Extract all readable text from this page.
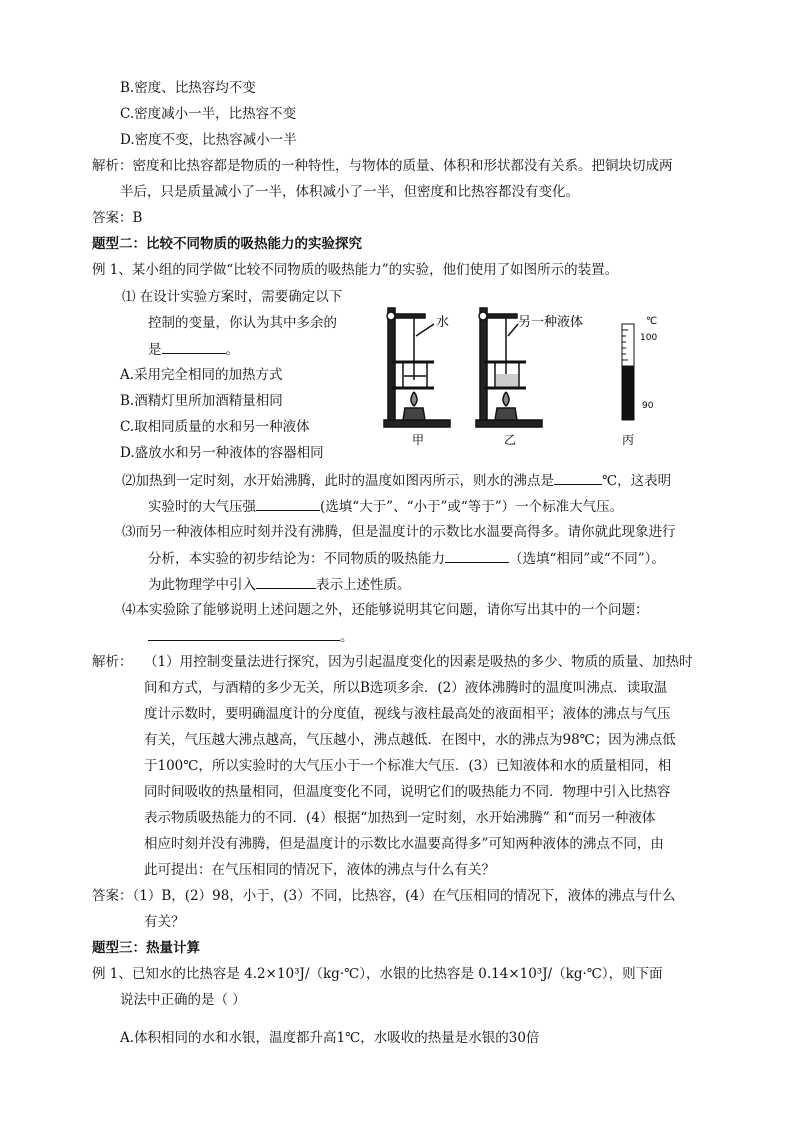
B.密度、比热容均不变
C.密度减小一半，比热容不变
D.密度不变，比热容减小一半
解析：密度和比热容都是物质的一种特性，与物体的质量、体积和形状都没有关系。把铜块切成两
半后，只是质量减小了一半，体积减小了一半，但密度和比热容都没有变化。
答案：B
题型二：比较不同物质的吸热能力的实验探究
例 1、某小组的同学做“比较不同物质的吸热能力”的实验，他们使用了如图所示的装置。
⑴ 在设计实验方案时，需要确定以下
控制的变量，你认为其中多余的
是	。
A.采用完全相同的加热方式
B.酒精灯里所加酒精量相同
C.取相同质量的水和另一种液体
D.盛放水和另一种液体的容器相同
水
甲
另一种液体
乙
℃
100
90
丙
⑵加热到一定时刻，水开始沸腾，此时的温度如图丙所示，则水的沸点是	℃，这表明
实验时的大气压强	(选填“大于”、“小于”或“等于”）一个标准大气压。
⑶而另一种液体相应时刻并没有沸腾，但是温度计的示数比水温要高得多。请你就此现象进行
分析，本实验的初步结论为：不同物质的吸热能力	（选填“相同”或“不同”）。
为此物理学中引入	表示上述性质。
⑷本实验除了能够说明上述问题之外，还能够说明其它问题，请你写出其中的一个问题：
。
解析： （1）用控制变量法进行探究，因为引起温度变化的因素是吸热的多少、物质的质量、加热时
间和方式，与酒精的多少无关，所以B选项多余．(2）液体沸腾时的温度叫沸点．读取温
度计示数时，要明确温度计的分度值，视线与液柱最高处的液面相平；液体的沸点与气压
有关，气压越大沸点越高，气压越小，沸点越低．在图中，水的沸点为98℃；因为沸点低
于100℃，所以实验时的大气压小于一个标准大气压．(3）已知液体和水的质量相同，相
同时间吸收的热量相同，但温度变化不同，说明它们的吸热能力不同．物理中引入比热容
表示物质吸热能力的不同．(4）根据“加热到一定时刻，水开始沸腾” 和“而另一种液体
相应时刻并没有沸腾，但是温度计的示数比水温要高得多”可知两种液体的沸点不同，由
此可提出：在气压相同的情况下，液体的沸点与什么有关？
答案：（1）B，(2）98，小于，(3）不同，比热容，(4）在气压相同的情况下，液体的沸点与什么
有关？
题型三：热量计算
例 1、已知水的比热容是 4.2×10³J/（kg·℃），水银的比热容是 0.14×10³J/（kg·℃），则下面
说法中正确的是（ ）
A.体积相同的水和水银，温度都升高1℃，水吸收的热量是水银的30倍
